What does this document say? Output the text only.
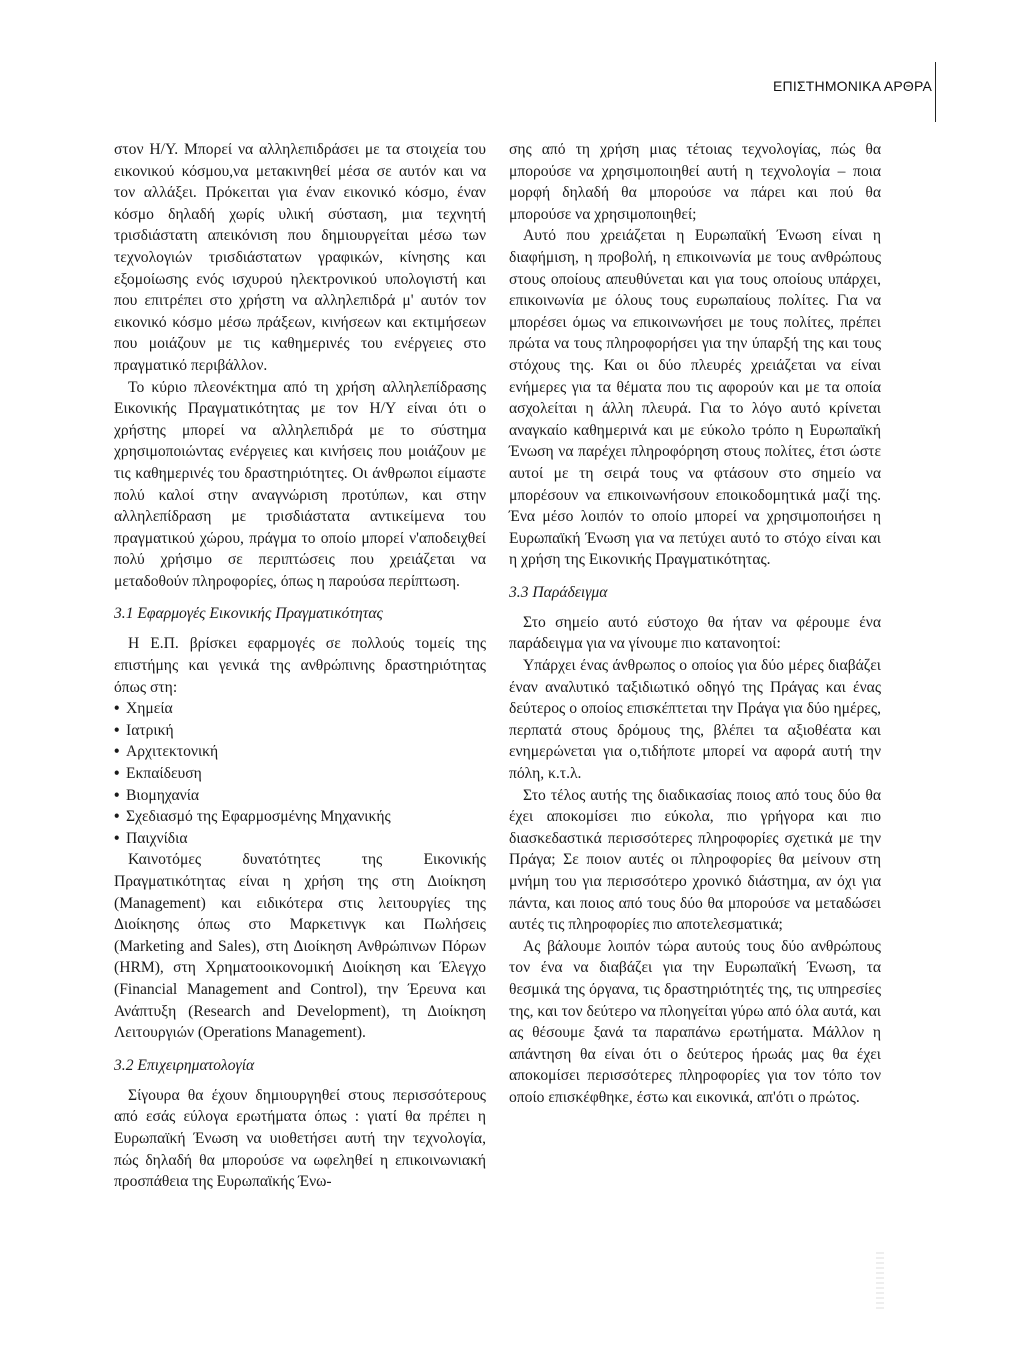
ΕΠΙΣΤΗΜΟΝΙΚΑ ΑΡΘΡΑ

στον Η/Υ. Μπορεί να αλληλεπιδράσει με τα στοιχεία του εικονικού κόσμου,να μετακινηθεί μέσα σε αυτόν και να τον αλλάξει. Πρόκειται για έναν εικονικό κόσμο, έναν κόσμο δηλαδή χωρίς υλική σύσταση, μια τεχνητή τρισδιάστατη απεικόνιση που δημιουργείται μέσω των τεχνολογιών τρισδιάστατων γραφικών, κίνησης και εξομοίωσης ενός ισχυρού ηλεκτρονικού υπολογιστή και που επιτρέπει στο χρήστη να αλληλεπιδρά μ' αυτόν τον εικονικό κόσμο μέσω πράξεων, κινήσεων και εκτιμήσεων που μοιάζουν με τις καθημερινές του ενέργειες στο πραγματικό περιβάλλον.

Το κύριο πλεονέκτημα από τη χρήση αλληλεπίδρασης Εικονικής Πραγματικότητας με τον Η/Υ είναι ότι ο χρήστης μπορεί να αλληλεπιδρά με το σύστημα χρησιμοποιώντας ενέργειες και κινήσεις που μοιάζουν με τις καθημερινές του δραστηριότητες. Οι άνθρωποι είμαστε πολύ καλοί στην αναγνώριση προτύπων, και στην αλληλεπίδραση με τρισδιάστατα αντικείμενα του πραγματικού χώρου, πράγμα το οποίο μπορεί ν'αποδειχθεί πολύ χρήσιμο σε περιπτώσεις που χρειάζεται να μεταδοθούν πληροφορίες, όπως η παρούσα περίπτωση.

3.1 Εφαρμογές Εικονικής Πραγματικότητας

Η Ε.Π. βρίσκει εφαρμογές σε πολλούς τομείς της επιστήμης και γενικά της ανθρώπινης δραστηριότητας όπως στη:

• Χημεία
• Ιατρική
• Αρχιτεκτονική
• Εκπαίδευση
• Βιομηχανία
• Σχεδιασμό της Εφαρμοσμένης Μηχανικής
• Παιχνίδια

Καινοτόμες δυνατότητες της Εικονικής Πραγματικότητας είναι η χρήση της στη Διοίκηση (Management) και ειδικότερα στις λειτουργίες της Διοίκησης όπως στο Μαρκετινγκ και Πωλήσεις (Marketing and Sales), στη Διοίκηση Ανθρώπινων Πόρων (HRM), στη Χρηματοοικονομική Διοίκηση και Έλεγχο (Financial Management and Control), την Έρευνα και Ανάπτυξη (Research and Development), τη Διοίκηση Λειτουργιών (Operations Management).

3.2 Επιχειρηματολογία

Σίγουρα θα έχουν δημιουργηθεί στους περισσότερους από εσάς εύλογα ερωτήματα όπως : γιατί θα πρέπει η Ευρωπαϊκή Ένωση να υιοθετήσει αυτή την τεχνολογία, πώς δηλαδή θα μπορούσε να ωφεληθεί η επικοινωνιακή προσπάθεια της Ευρωπαϊκής Ένω-

σης από τη χρήση μιας τέτοιας τεχνολογίας, πώς θα μπορούσε να χρησιμοποιηθεί αυτή η τεχνολογία – ποια μορφή δηλαδή θα μπορούσε να πάρει και πού θα μπορούσε να χρησιμοποιηθεί;

Αυτό που χρειάζεται η Ευρωπαϊκή Ένωση είναι η διαφήμιση, η προβολή, η επικοινωνία με τους ανθρώπους στους οποίους απευθύνεται και για τους οποίους υπάρχει, επικοινωνία με όλους τους ευρωπαίους πολίτες. Για να μπορέσει όμως να επικοινωνήσει με τους πολίτες, πρέπει πρώτα να τους πληροφορήσει για την ύπαρξή της και τους στόχους της. Και οι δύο πλευρές χρειάζεται να είναι ενήμερες για τα θέματα που τις αφορούν και με τα οποία ασχολείται η άλλη πλευρά. Για το λόγο αυτό κρίνεται αναγκαίο καθημερινά και με εύκολο τρόπο η Ευρωπαϊκή Ένωση να παρέχει πληροφόρηση στους πολίτες, έτσι ώστε αυτοί με τη σειρά τους να φτάσουν στο σημείο να μπορέσουν να επικοινωνήσουν εποικοδομητικά μαζί της. Ένα μέσο λοιπόν το οποίο μπορεί να χρησιμοποιήσει η Ευρωπαϊκή Ένωση για να πετύχει αυτό το στόχο είναι και η χρήση της Εικονικής Πραγματικότητας.

3.3 Παράδειγμα

Στο σημείο αυτό εύστοχο θα ήταν να φέρουμε ένα παράδειγμα για να γίνουμε πιο κατανοητοί:

Υπάρχει ένας άνθρωπος ο οποίος για δύο μέρες διαβάζει έναν αναλυτικό ταξιδιωτικό οδηγό της Πράγας και ένας δεύτερος ο οποίος επισκέπτεται την Πράγα για δύο ημέρες, περπατά στους δρόμους της, βλέπει τα αξιοθέατα και ενημερώνεται για ο,τιδήποτε μπορεί να αφορά αυτή την πόλη, κ.τ.λ.

Στο τέλος αυτής της διαδικασίας ποιος από τους δύο θα έχει αποκομίσει πιο εύκολα, πιο γρήγορα και πιο διασκεδαστικά περισσότερες πληροφορίες σχετικά με την Πράγα; Σε ποιον αυτές οι πληροφορίες θα μείνουν στη μνήμη του για περισσότερο χρονικό διάστημα, αν όχι για πάντα, και ποιος από τους δύο θα μπορούσε να μεταδώσει αυτές τις πληροφορίες πιο αποτελεσματικά;

Ας βάλουμε λοιπόν τώρα αυτούς τους δύο ανθρώπους τον ένα να διαβάζει για την Ευρωπαϊκή Ένωση, τα θεσμικά της όργανα, τις δραστηριότητές της, τις υπηρεσίες της, και τον δεύτερο να πλοηγείται γύρω από όλα αυτά, και ας θέσουμε ξανά τα παραπάνω ερωτήματα. Μάλλον η απάντηση θα είναι ότι ο δεύτερος ήρωάς μας θα έχει αποκομίσει περισσότερες πληροφορίες για τον τόπο τον οποίο επισκέφθηκε, έστω και εικονικά, απ'ότι ο πρώτος.
